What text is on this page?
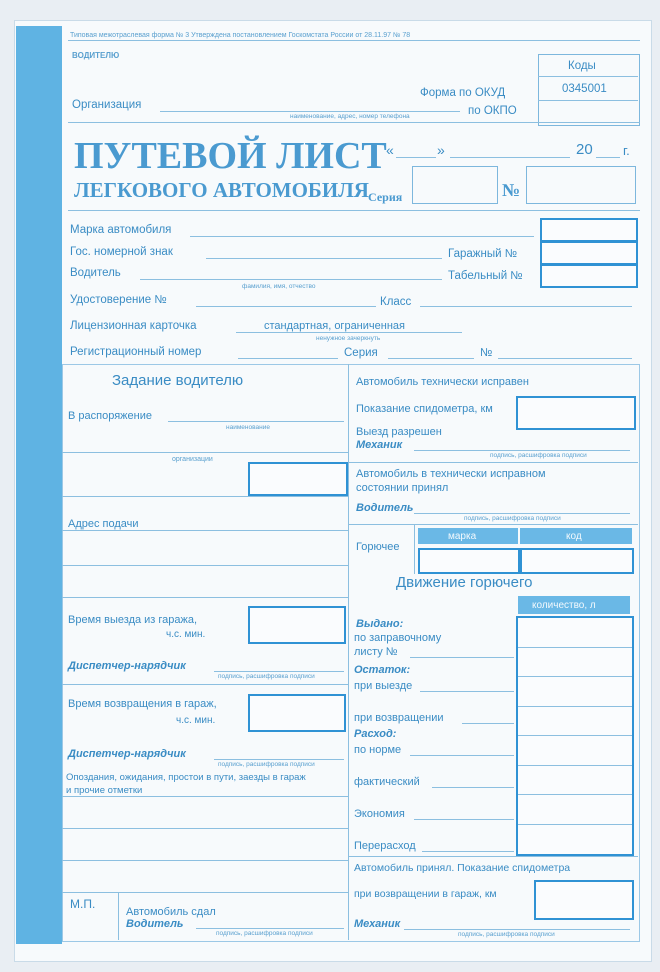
Типовая межотраслевая форма № 3 Утверждена постановлением Госкомстата России от 28.11.97 № 78
ВОДИТЕЛЮ
Коды
0345001
Форма по ОКУД
по ОКПО
Организация
наименование, адрес, номер телефона
ПУТЕВОЙ ЛИСТ
ЛЕГКОВОГО АВТОМОБИЛЯ
«	»	20 г.
Серия	№
Марка автомобиля
Гос. номерной знак	Гаражный №
Водитель
фамилия, имя, отчество
Табельный №
Удостоверение №	Класс
Лицензионная карточка	стандартная, ограниченная
ненужное зачеркнуть
Регистрационный номер	Серия	№
Задание водителю
В распоряжение
наименование
организации
Адрес подачи
Время выезда из гаража,
ч.с. мин.
Диспетчер-нарядчик
подпись, расшифровка подписи
Время возвращения в гараж,
ч.с. мин.
Диспетчер-нарядчик
подпись, расшифровка подписи
Опоздания, ожидания, простои в пути, заезды в гараж
и прочие отметки
М.П.
Автомобиль сдал
Водитель
подпись, расшифровка подписи
Автомобиль технически исправен
Показание спидометра, км
Выезд разрешен
Механик
подпись, расшифровка подписи
Автомобиль в технически исправном
состоянии принял
Водитель
подпись, расшифровка подписи
Горючее
марка	код
Движение горючего
количество, л
Выдано:
по заправочному
листу №
Остаток:
при выезде
при возвращении
Расход:
по норме
фактический
Экономия
Перерасход
Автомобиль принял. Показание спидометра
при возвращении в гараж, км
Механик
подпись, расшифровка подписи
